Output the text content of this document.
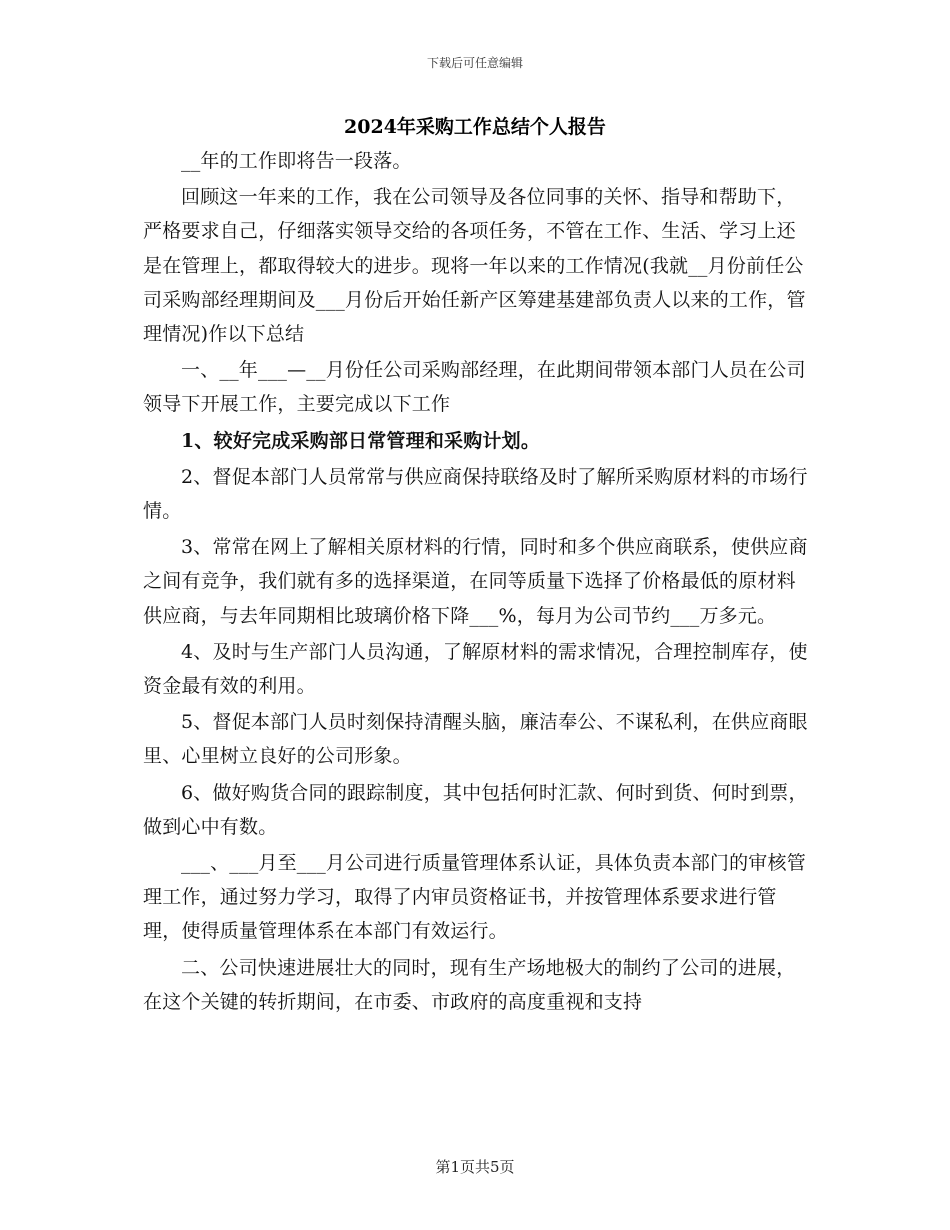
下载后可任意编辑
2024年采购工作总结个人报告

__年的工作即将告一段落。

回顾这一年来的工作，我在公司领导及各位同事的关怀、指导和帮助下，严格要求自己，仔细落实领导交给的各项任务，不管在工作、生活、学习上还是在管理上，都取得较大的进步。现将一年以来的工作情况(我就__月份前任公司采购部经理期间及___月份后开始任新产区筹建基建部负责人以来的工作，管理情况)作以下总结

一、__年___—__月份任公司采购部经理，在此期间带领本部门人员在公司领导下开展工作，主要完成以下工作

1、较好完成采购部日常管理和采购计划。

2、督促本部门人员常常与供应商保持联络及时了解所采购原材料的市场行情。

3、常常在网上了解相关原材料的行情，同时和多个供应商联系，使供应商之间有竞争，我们就有多的选择渠道，在同等质量下选择了价格最低的原材料供应商，与去年同期相比玻璃价格下降___%，每月为公司节约___万多元。

4、及时与生产部门人员沟通，了解原材料的需求情况，合理控制库存，使资金最有效的利用。

5、督促本部门人员时刻保持清醒头脑，廉洁奉公、不谋私利，在供应商眼里、心里树立良好的公司形象。

6、做好购货合同的跟踪制度，其中包括何时汇款、何时到货、何时到票，做到心中有数。

___、___月至___月公司进行质量管理体系认证，具体负责本部门的审核管理工作，通过努力学习，取得了内审员资格证书，并按管理体系要求进行管理，使得质量管理体系在本部门有效运行。

二、公司快速进展壮大的同时，现有生产场地极大的制约了公司的进展，在这个关键的转折期间，在市委、市政府的高度重视和支持

第1页共5页
